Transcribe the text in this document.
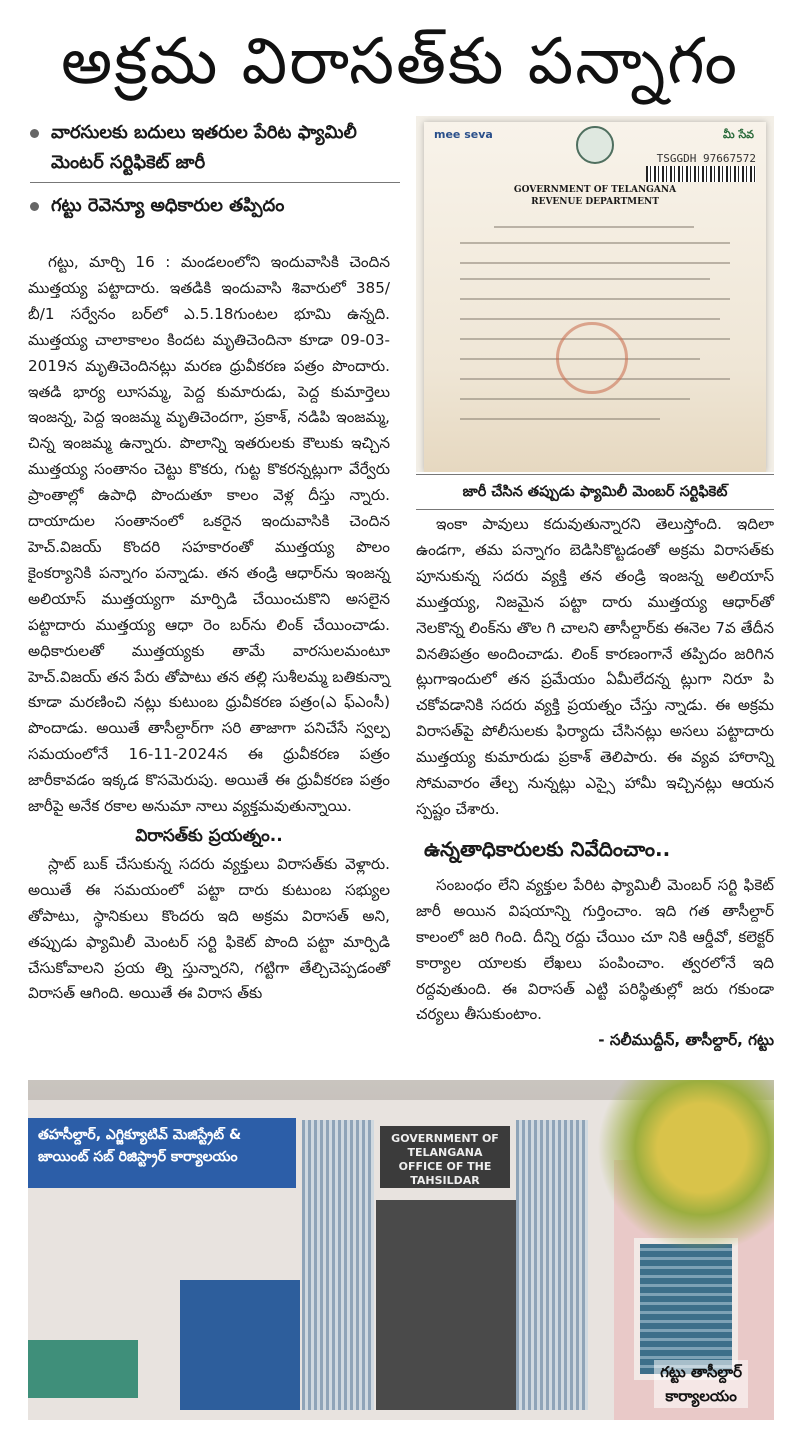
అక్రమ విరాసత్‌కు పన్నాగం
వారసులకు బదులు ఇతరుల పేరిట ఫ్యామిలీ మెంటర్ సర్టిఫికెట్ జారీ
గట్టు రెవెన్యూ అధికారుల తప్పిదం

గట్టు, మార్చి 16 : మండలంలోని ఇందువాసికి చెందిన ముత్తయ్య పట్టాదారు. ఇతడికి ఇందువాసి శివారులో 385/బీ/1 సర్వేనం బర్‌లో ఎ.5.18గుంటల భూమి ఉన్నది. ముత్తయ్య చాలాకాలం కిందట మృతిచెందినా కూడా 09-03-2019న మృతిచెందినట్లు మరణ ధ్రువీకరణ పత్రం పొందారు. ఇతడి భార్య లూసమ్మ, పెద్ద కుమారుడు, పెద్ద కుమార్తెలు ఇంజన్న, పెద్ద ఇంజమ్మ మృతిచెందగా, ప్రకాశ్, నడిపి ఇంజమ్మ, చిన్న ఇంజమ్మ ఉన్నారు. పొలాన్ని ఇతరులకు కౌలుకు ఇచ్చిన ముత్తయ్య సంతానం చెట్టు కొకరు, గుట్ట కొకరన్నట్లుగా వేర్వేరు ప్రాంతాల్లో ఉపాధి పొందుతూ కాలం వెళ్ల దీస్తు న్నారు. దాయాదుల సంతానంలో ఒకరైన ఇందువాసికి చెందిన హెచ్.విజయ్ కొందరి సహకారంతో ముత్తయ్య పొలం కైంకర్యానికి పన్నాగం పన్నాడు. తన తండ్రి ఆధార్‌ను ఇంజన్న అలియాస్ ముత్తయ్యగా మార్పిడి చేయించుకొని అసలైన పట్టాదారు ముత్తయ్య ఆధా రెం బర్‌ను లింక్ చేయించాడు. అధికారులతో ముత్తయ్యకు తామే వారసులమంటూ హెచ్.విజయ్ తన పేరు తోపాటు తన తల్లి సుశీలమ్మ బతికున్నా కూడా మరణించి నట్లు కుటుంబ ధ్రువీకరణ పత్రం(ఎ ఫ్‌ఎంసీ) పొందాడు. అయితే తాసీల్దార్‌గా సరి తాజాగా పనిచేసే స్వల్ప సమయంలోనే 16-11-2024న ఈ ధ్రువీకరణ పత్రం జారీకావడం ఇక్కడ కొసమెరుపు. అయితే ఈ ధ్రువీకరణ పత్రం జారీపై అనేక రకాల అనుమా నాలు వ్యక్తమవుతున్నాయి.

విరాసత్‌కు ప్రయత్నం..

స్లాట్ బుక్ చేసుకున్న సదరు వ్యక్తులు విరాసత్‌కు వెళ్లారు. అయితే ఈ సమయంలో పట్టా దారు కుటుంబ సభ్యుల తోపాటు, స్థానికులు కొందరు ఇది అక్రమ విరాసత్ అని, తప్పుడు ఫ్యామిలీ మెంటర్ సర్టి ఫికెట్ పొంది పట్టా మార్పిడి చేసుకోవాలని ప్రయ త్ని స్తున్నారని, గట్టిగా తేల్చిచెప్పడంతో విరాసత్ ఆగింది. అయితే ఈ విరాస త్‌కు

mee seva	మీ సేవ
TSGGDH 97667572
GOVERNMENT OF TELANGANA
REVENUE DEPARTMENT
జారీ చేసిన తప్పుడు ఫ్యామిలీ మెంబర్ సర్టిఫికెట్

ఇంకా పావులు కదువుతున్నారని తెలుస్తోంది. ఇదిలా ఉండగా, తమ పన్నాగం బెడిసికొట్టడంతో అక్రమ విరాసత్‌కు పూనుకున్న సదరు వ్యక్తి తన తండ్రి ఇంజన్న అలియాస్ ముత్తయ్య, నిజమైన పట్టా దారు ముత్తయ్య ఆధార్‌తో నెలకొన్న లింక్‌ను తొల గి చాలని తాసీల్దార్‌కు ఈనెల 7వ తేదీన వినతిపత్రం అందించాడు. లింక్ కారణంగానే తప్పిదం జరిగిన ట్లుగాఇందులో తన ప్రమేయం ఏమీలేదన్న ట్లుగా నిరూ పి చకోవడానికి సదరు వ్యక్తి ప్రయత్నం చేస్తు న్నాడు. ఈ అక్రమ విరాసత్‌పై పోలీసులకు ఫిర్యాదు చేసినట్లు అసలు పట్టాదారు ముత్తయ్య కుమారుడు ప్రకాశ్ తెలిపారు. ఈ వ్యవ హారాన్ని సోమవారం తేల్చ నున్నట్లు ఎస్సై హామీ ఇచ్చినట్లు ఆయన స్పష్టం చేశారు.

ఉన్నతాధికారులకు నివేదించాం..

సంబంధం లేని వ్యక్తుల పేరిట ఫ్యామిలీ మెంబర్ సర్టి ఫికెట్ జారీ అయిన విషయాన్ని గుర్తించాం. ఇది గత తాసీల్దార్ కాలంలో జరి గింది. దీన్ని రద్దు చేయిం చూ నికి ఆర్డీవో, కలెక్టర్ కార్యాల యాలకు లేఖలు పంపించాం. త్వరలోనే ఇది రద్దవుతుంది. ఈ విరాసత్ ఎట్టి పరిస్థితుల్లో జరు గకుండా చర్యలు తీసుకుంటాం.

- సలీముద్దీన్, తాసీల్దార్, గట్టు

తహసీల్దార్, ఎగ్జిక్యూటివ్ మెజిస్ట్రేట్ & జాయింట్ సబ్ రిజిస్ట్రార్ కార్యాలయం
GOVERNMENT OF TELANGANA
OFFICE OF THE TAHSILDAR
గట్టు తాసీల్దార్
కార్యాలయం
